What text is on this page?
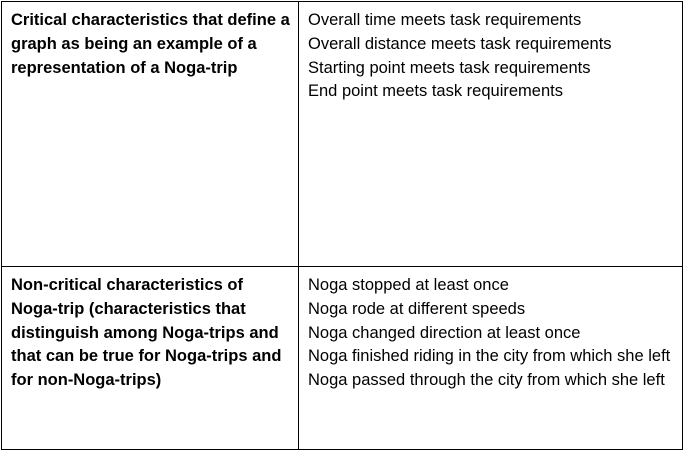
Critical characteristics that define a graph as being an example of a representation of a Noga-trip

Overall time meets task requirements
Overall distance meets task requirements
Starting point meets task requirements
End point meets task requirements

Non-critical characteristics of Noga-trip (characteristics that distinguish among Noga-trips and that can be true for Noga-trips and for non-Noga-trips)

Noga stopped at least once
Noga rode at different speeds
Noga changed direction at least once
Noga finished riding in the city from which she left
Noga passed through the city from which she left
